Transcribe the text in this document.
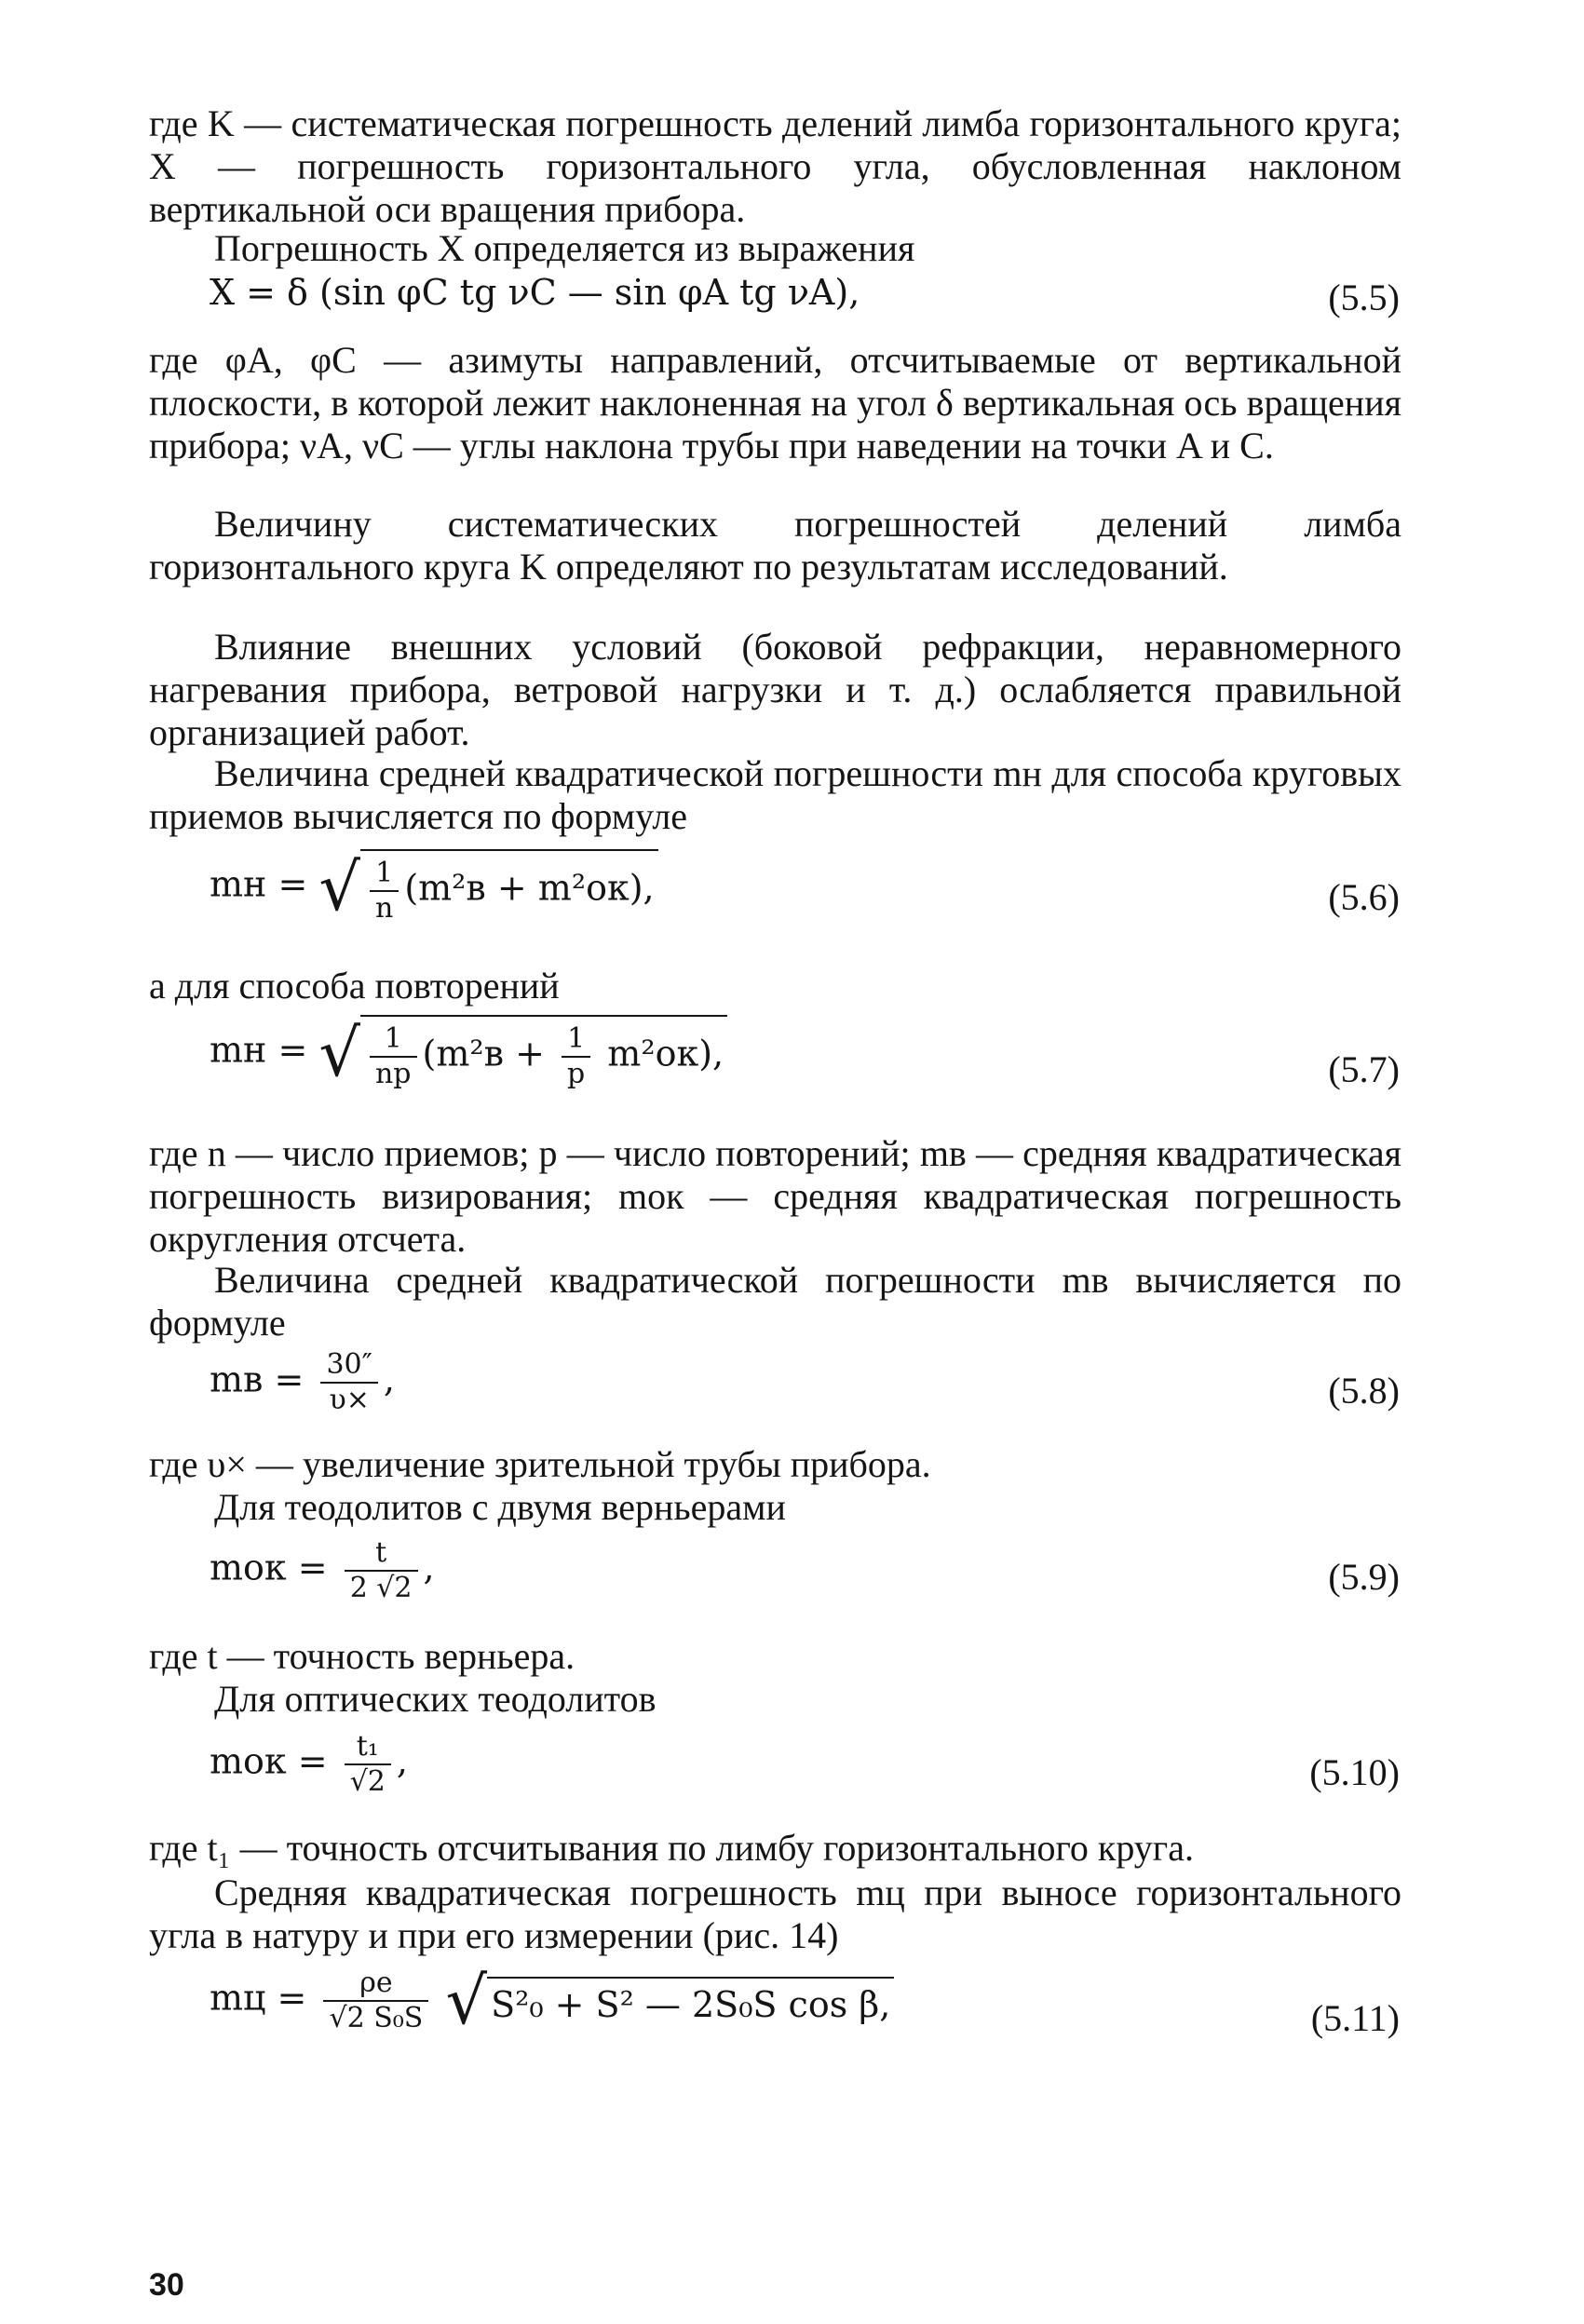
где K — систематическая погрешность делений лимба горизонтального круга; X — погрешность горизонтального угла, обусловленная наклоном вертикальной оси вращения прибора.

Погрешность X определяется из выражения
X = δ (sin φC tg νC — sin φA tg νA),	(5.5)

где φA, φC — азимуты направлений, отсчитываемые от вертикальной плоскости, в которой лежит наклоненная на угол δ вертикальная ось вращения прибора; νA, νC — углы наклона трубы при наведении на точки A и C.

Величину систематических погрешностей делений лимба горизонтального круга K определяют по результатам исследований.

Влияние внешних условий (боковой рефракции, неравномерного нагревания прибора, ветровой нагрузки и т. д.) ослабляется правильной организацией работ.

Величина средней квадратической погрешности mн для способа круговых приемов вычисляется по формуле

mн = √ $\frac{1}{n} (m^2в + m^2ок)$,	(5.6)
а для способа повторений
mн = √ $\frac{1}{np} (m^2в + \frac{1}{p} m^2ок)$,	(5.7)

где n — число приемов; p — число повторений; mв — средняя квадратическая погрешность визирования; mок — средняя квадратическая погрешность округления отсчета.

Величина средней квадратической погрешности mв вычисляется по формуле

mв = $\frac{30''}{\upsilon\times}$ ,	(5.8)
где υ× — увеличение зрительной трубы прибора.
Для теодолитов с двумя верньерами
mок = $\frac{t}{2 √2}$ ,	(5.9)
где t — точность верньера.
Для оптических теодолитов
mок = $\frac{\text{t₁}}{√2}$ ,	(5.10)
где t₁ — точность отсчитывания по лимбу горизонтального круга.

Средняя квадратическая погрешность mц при выносе горизонтального угла в натуру и при его измерении (рис. 14)

mц = $\frac{\rho e}{\text{√2 S₀S}}$ √ S²₀ + S² — 2S₀S cos β,	(5.11)
30
